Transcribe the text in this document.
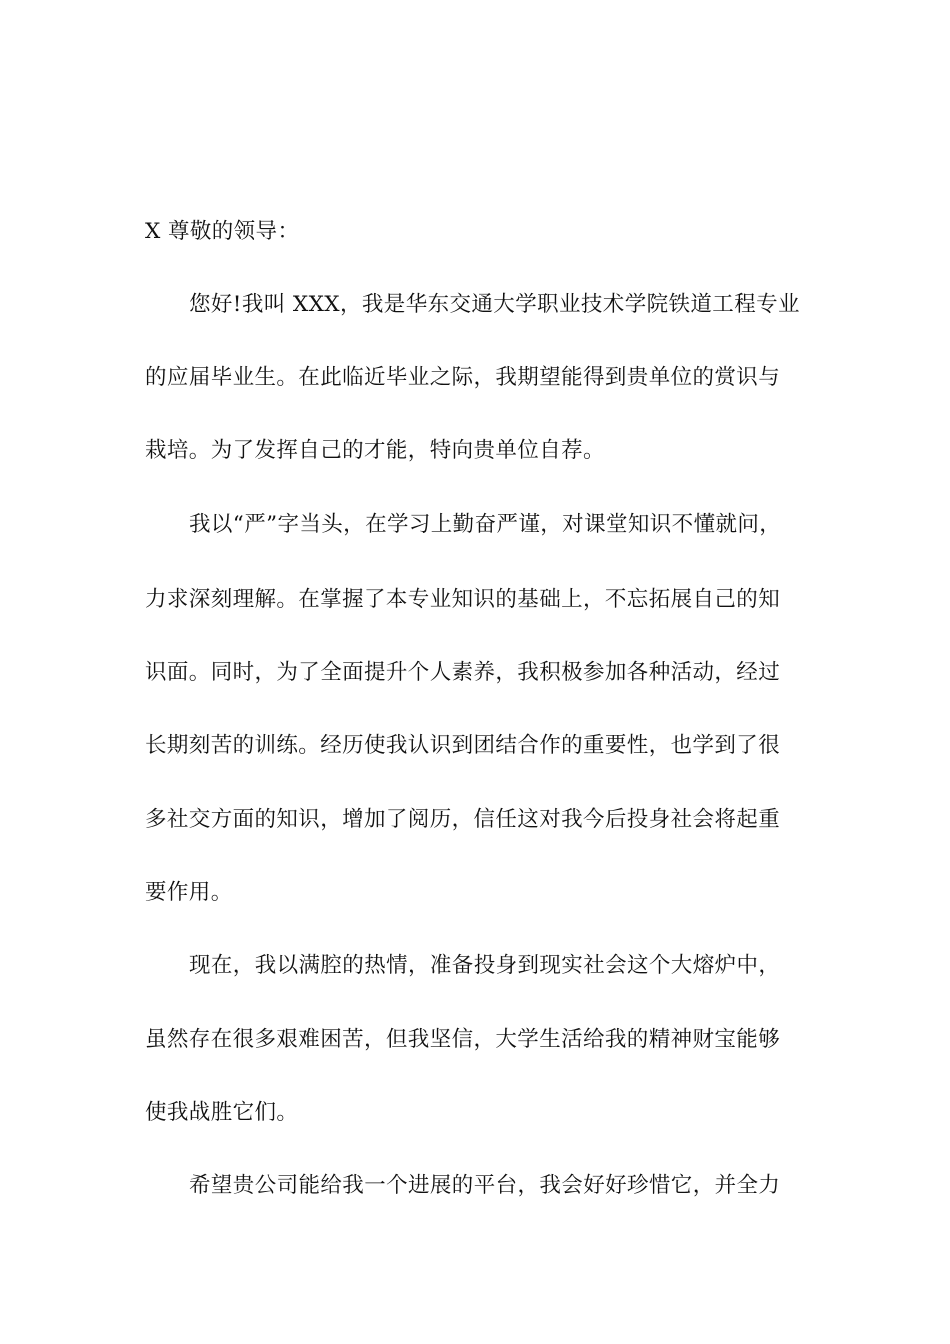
X 尊敬的领导：
您好!我叫 XXX，我是华东交通大学职业技术学院铁道工程专业
的应届毕业生。在此临近毕业之际，我期望能得到贵单位的赏识与
栽培。为了发挥自己的才能，特向贵单位自荐。
我以“严”字当头，在学习上勤奋严谨，对课堂知识不懂就问，
力求深刻理解。在掌握了本专业知识的基础上，不忘拓展自己的知
识面。同时，为了全面提升个人素养，我积极参加各种活动，经过
长期刻苦的训练。经历使我认识到团结合作的重要性，也学到了很
多社交方面的知识，增加了阅历，信任这对我今后投身社会将起重
要作用。
现在，我以满腔的热情，准备投身到现实社会这个大熔炉中，
虽然存在很多艰难困苦，但我坚信，大学生活给我的精神财宝能够
使我战胜它们。
希望贵公司能给我一个进展的平台，我会好好珍惜它，并全力
